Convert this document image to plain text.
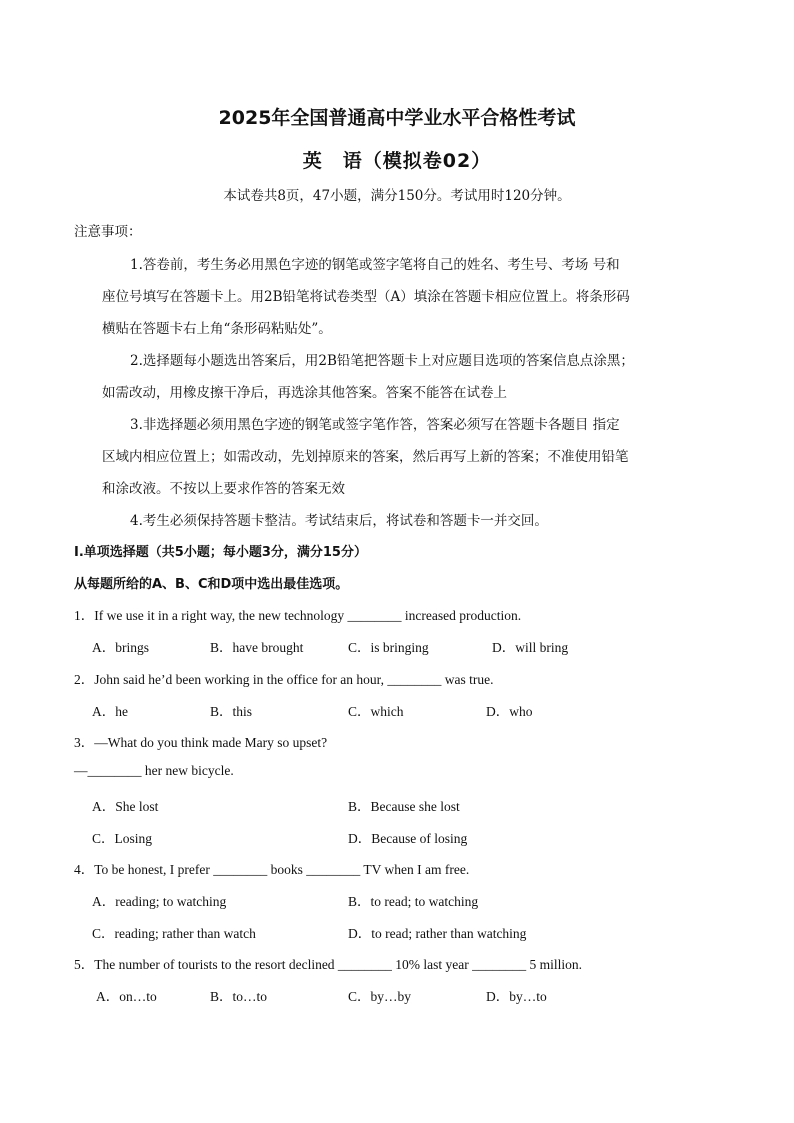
2025年全国普通高中学业水平合格性考试
英　语（模拟卷02）
本试卷共8页，47小题，满分150分。考试用时120分钟。
注意事项：
1.答卷前，考生务必用黑色字迹的钢笔或签字笔将自己的姓名、考生号、考场 号和
座位号填写在答题卡上。用2B铅笔将试卷类型（A）填涂在答题卡相应位置上。将条形码
横贴在答题卡右上角“条形码粘贴处”。
2.选择题每小题选出答案后，用2B铅笔把答题卡上对应题目选项的答案信息点涂黑；
如需改动，用橡皮擦干净后，再选涂其他答案。答案不能答在试卷上
3.非选择题必须用黑色字迹的钢笔或签字笔作答，答案必须写在答题卡各题目 指定
区域内相应位置上；如需改动，先划掉原来的答案，然后再写上新的答案；不准使用铅笔
和涂改液。不按以上要求作答的答案无效
4.考生必须保持答题卡整洁。考试结束后，将试卷和答题卡一并交回。
I.单项选择题（共5小题；每小题3分，满分15分）
从每题所给的A、B、C和D项中选出最佳选项。
1．If we use it in a right way, the new technology ________ increased production.
A．brings	B．have brought	C．is bringing	D．will bring
2．John said he’d been working in the office for an hour, ________ was true.
A．he	B．this	C．which	D．who
3．—What do you think made Mary so upset?
—________ her new bicycle.
A．She lost	B．Because she lost
C．Losing	D．Because of losing
4．To be honest, I prefer ________ books ________ TV when I am free.
A．reading; to watching	B．to read; to watching
C．reading; rather than watch	D．to read; rather than watching
5．The number of tourists to the resort declined ________ 10% last year ________ 5 million.
A．on…to	B．to…to	C．by…by	D．by…to
